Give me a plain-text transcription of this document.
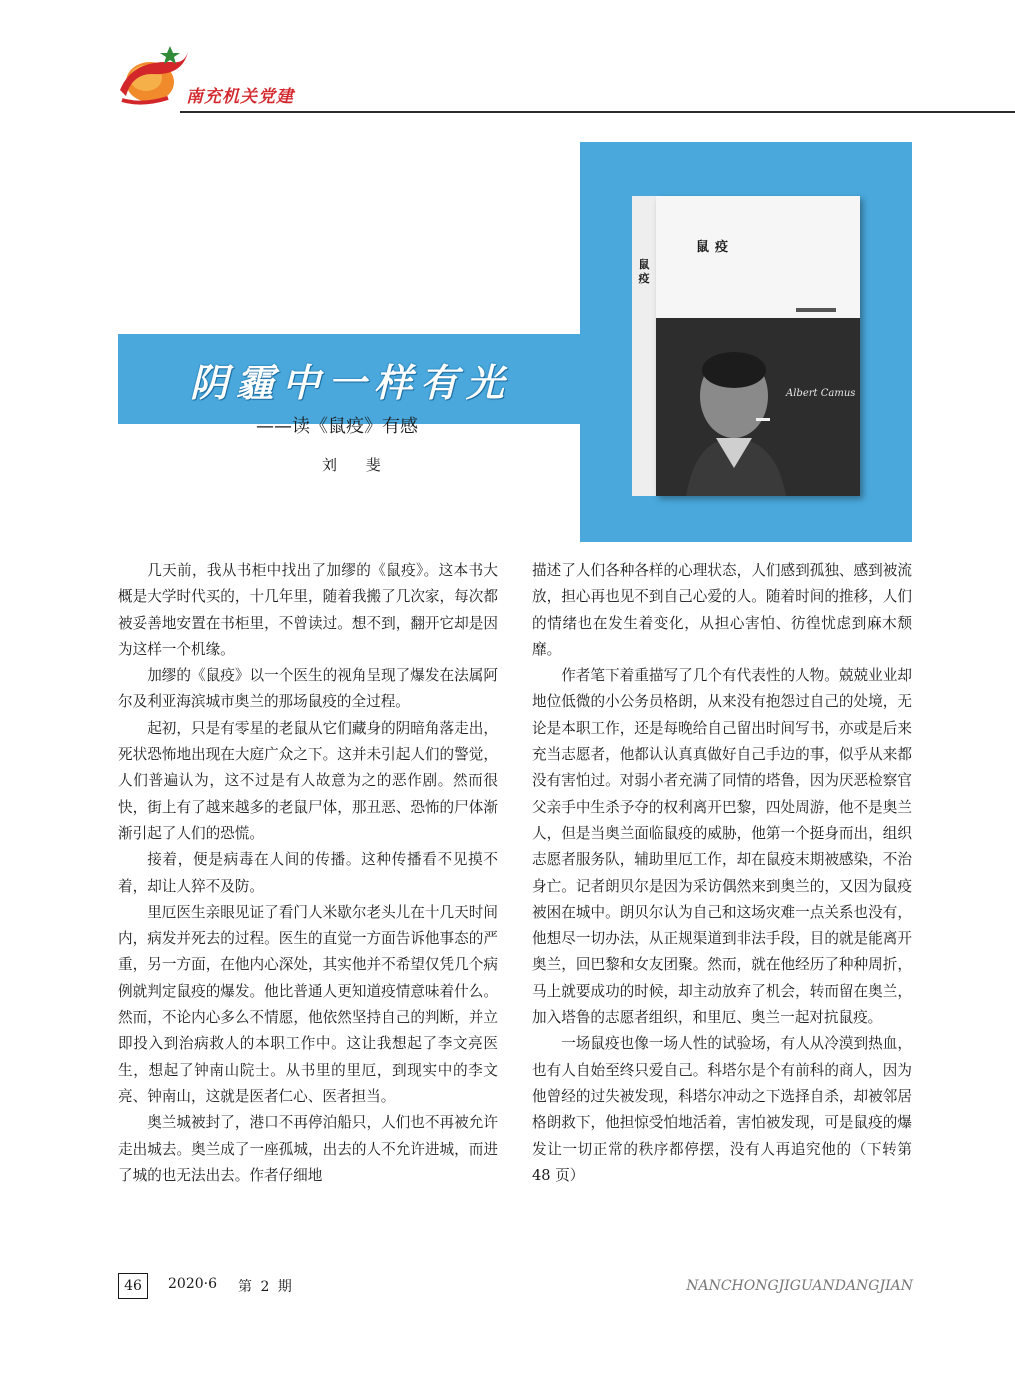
南充机关党建
阴霾中一样有光
——读《鼠疫》有感
刘 斐
鼠疫
鼠疫
Albert Camus

几天前，我从书柜中找出了加缪的《鼠疫》。这本书大概是大学时代买的，十几年里，随着我搬了几次家，每次都被妥善地安置在书柜里，不曾读过。想不到，翻开它却是因为这样一个机缘。

加缪的《鼠疫》以一个医生的视角呈现了爆发在法属阿尔及利亚海滨城市奥兰的那场鼠疫的全过程。

起初，只是有零星的老鼠从它们藏身的阴暗角落走出，死状恐怖地出现在大庭广众之下。这并未引起人们的警觉，人们普遍认为，这不过是有人故意为之的恶作剧。然而很快，街上有了越来越多的老鼠尸体，那丑恶、恐怖的尸体渐渐引起了人们的恐慌。

接着，便是病毒在人间的传播。这种传播看不见摸不着，却让人猝不及防。

里厄医生亲眼见证了看门人米歇尔老头儿在十几天时间内，病发并死去的过程。医生的直觉一方面告诉他事态的严重，另一方面，在他内心深处，其实他并不希望仅凭几个病例就判定鼠疫的爆发。他比普通人更知道疫情意味着什么。然而，不论内心多么不情愿，他依然坚持自己的判断，并立即投入到治病救人的本职工作中。这让我想起了李文亮医生，想起了钟南山院士。从书里的里厄，到现实中的李文亮、钟南山，这就是医者仁心、医者担当。

奥兰城被封了，港口不再停泊船只，人们也不再被允许走出城去。奥兰成了一座孤城，出去的人不允许进城，而进了城的也无法出去。作者仔细地

描述了人们各种各样的心理状态，人们感到孤独、感到被流放，担心再也见不到自己心爱的人。随着时间的推移，人们的情绪也在发生着变化，从担心害怕、彷徨忧虑到麻木颓靡。

作者笔下着重描写了几个有代表性的人物。兢兢业业却地位低微的小公务员格朗，从来没有抱怨过自己的处境，无论是本职工作，还是每晚给自己留出时间写书，亦或是后来充当志愿者，他都认认真真做好自己手边的事，似乎从来都没有害怕过。对弱小者充满了同情的塔鲁，因为厌恶检察官父亲手中生杀予夺的权利离开巴黎，四处周游，他不是奥兰人，但是当奥兰面临鼠疫的威胁，他第一个挺身而出，组织志愿者服务队，辅助里厄工作，却在鼠疫末期被感染，不治身亡。记者朗贝尔是因为采访偶然来到奥兰的，又因为鼠疫被困在城中。朗贝尔认为自己和这场灾难一点关系也没有，他想尽一切办法，从正规渠道到非法手段，目的就是能离开奥兰，回巴黎和女友团聚。然而，就在他经历了种种周折，马上就要成功的时候，却主动放弃了机会，转而留在奥兰，加入塔鲁的志愿者组织，和里厄、奥兰一起对抗鼠疫。

一场鼠疫也像一场人性的试验场，有人从冷漠到热血，也有人自始至终只爱自己。科塔尔是个有前科的商人，因为他曾经的过失被发现，科塔尔冲动之下选择自杀，却被邻居格朗救下，他担惊受怕地活着，害怕被发现，可是鼠疫的爆发让一切正常的秩序都停摆，没有人再追究他的（下转第 48 页）

46	2020·6 第 2 期	NANCHONGJIGUANDANGJIAN
